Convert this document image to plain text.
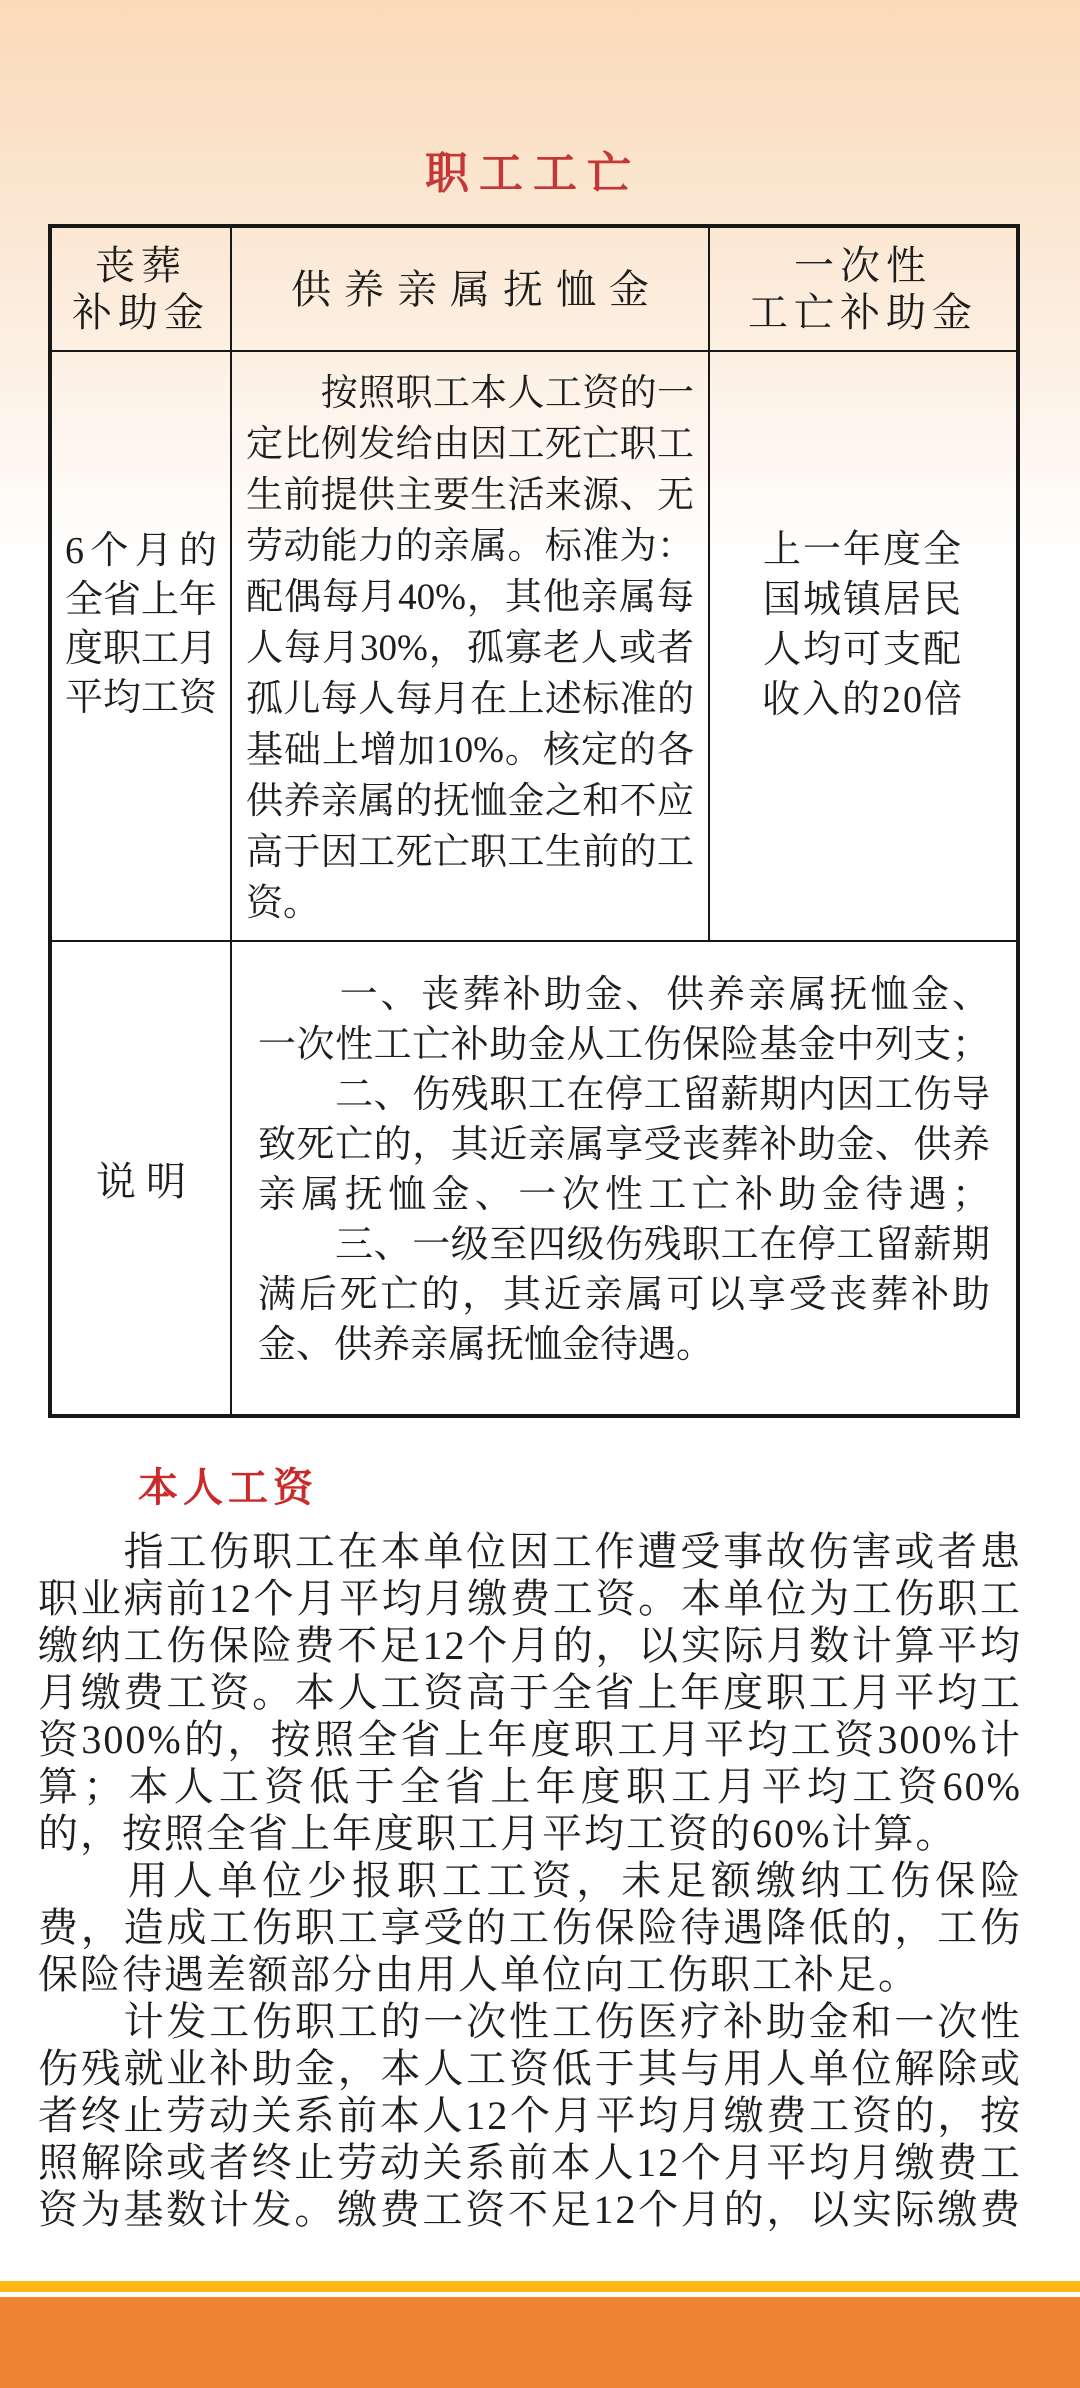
职工工亡
丧葬
补助金
供养亲属抚恤金
一次性
工亡补助金
6个月的
全省上年
度职工月
平均工资
　　按照职工本人工资的一
定比例发给由因工死亡职工
生前提供主要生活来源、无
劳动能力的亲属。标准为：
配偶每月40%，其他亲属每
人每月30%，孤寡老人或者
孤儿每人每月在上述标准的
基础上增加10%。核定的各
供养亲属的抚恤金之和不应
高于因工死亡职工生前的工
资。
上一年度全
国城镇居民
人均可支配
收入的20倍
说明
　　一、丧葬补助金、供养亲属抚恤金、
一次性工亡补助金从工伤保险基金中列支；
　　二、伤残职工在停工留薪期内因工伤导
致死亡的，其近亲属享受丧葬补助金、供养
亲属抚恤金、一次性工亡补助金待遇；
　　三、一级至四级伤残职工在停工留薪期
满后死亡的，其近亲属可以享受丧葬补助
金、供养亲属抚恤金待遇。
本人工资

　　指工伤职工在本单位因工作遭受事故伤害或者患
职业病前12个月平均月缴费工资。本单位为工伤职工
缴纳工伤保险费不足12个月的，以实际月数计算平均
月缴费工资。本人工资高于全省上年度职工月平均工
资300%的，按照全省上年度职工月平均工资300%计
算；本人工资低于全省上年度职工月平均工资60%
的，按照全省上年度职工月平均工资的60%计算。

　　用人单位少报职工工资，未足额缴纳工伤保险
费，造成工伤职工享受的工伤保险待遇降低的，工伤
保险待遇差额部分由用人单位向工伤职工补足。

　　计发工伤职工的一次性工伤医疗补助金和一次性
伤残就业补助金，本人工资低于其与用人单位解除或
者终止劳动关系前本人12个月平均月缴费工资的，按
照解除或者终止劳动关系前本人12个月平均月缴费工
资为基数计发。缴费工资不足12个月的，以实际缴费
